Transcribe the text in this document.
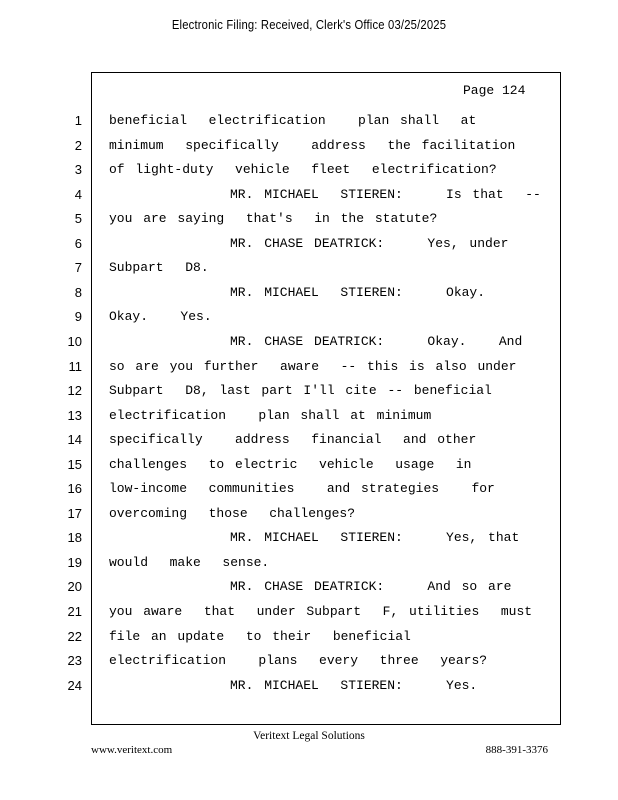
Electronic Filing: Received, Clerk's Office 03/25/2025
Page 124
1 beneficial  electrification   plan shall  at
2 minimum  specifically   address  the facilitation
3 of light-duty  vehicle  fleet  electrification?
4	MR. MICHAEL  STIEREN:    Is that  --
5 you are saying  that's  in the statute?
6	MR. CHASE DEATRICK:    Yes, under
7 Subpart  D8.
8	MR. MICHAEL  STIEREN:    Okay.
9 Okay.   Yes.
10	MR. CHASE DEATRICK:    Okay.   And
11 so are you further  aware  -- this is also under
12 Subpart  D8, last part I'll cite -- beneficial
13 electrification   plan shall at minimum
14 specifically   address  financial  and other
15 challenges  to electric  vehicle  usage  in
16 low-income  communities   and strategies   for
17 overcoming  those  challenges?
18	MR. MICHAEL  STIEREN:    Yes, that
19 would  make  sense.
20	MR. CHASE DEATRICK:    And so are
21 you aware  that  under Subpart  F, utilities  must
22 file an update  to their  beneficial
23 electrification   plans  every  three  years?
24	MR. MICHAEL  STIEREN:    Yes.
Veritext Legal Solutions
www.veritext.com	888-391-3376
